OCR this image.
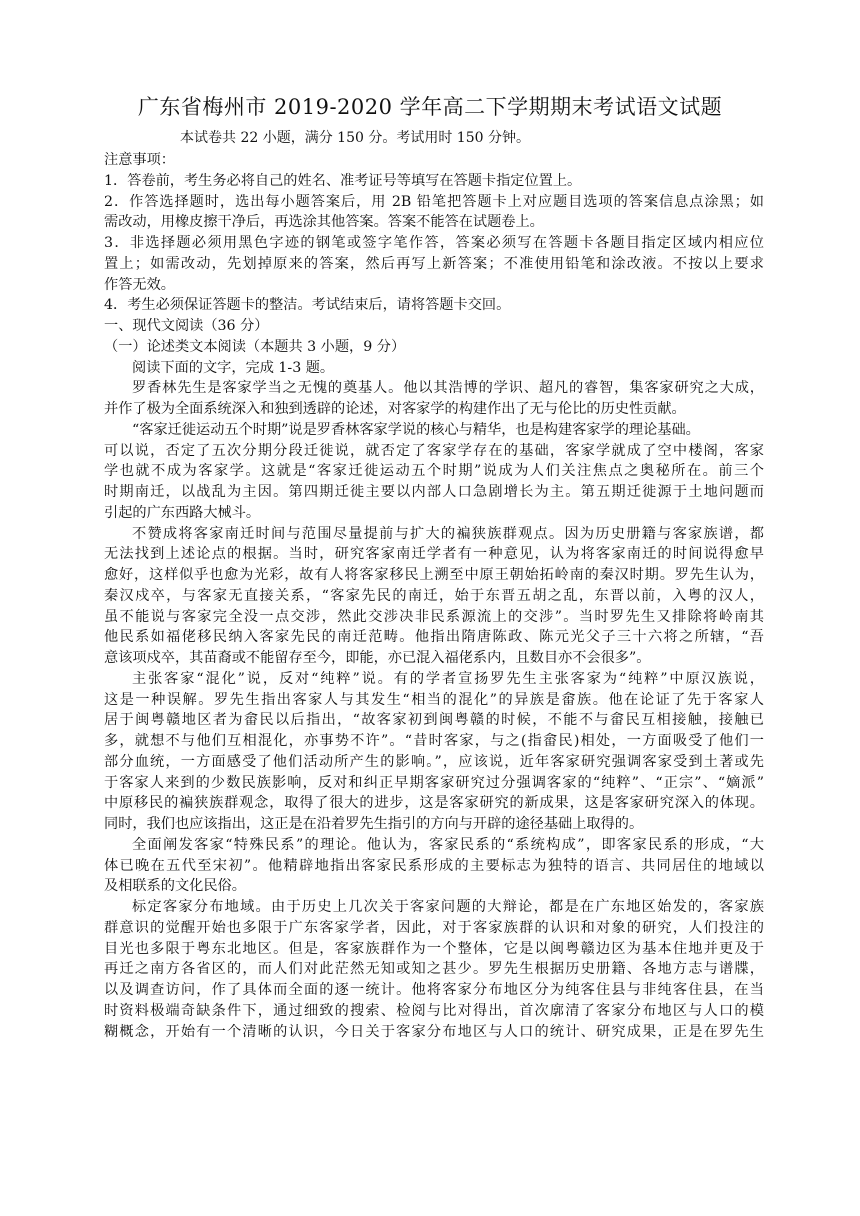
广东省梅州市 2019-2020 学年高二下学期期末考试语文试题
本试卷共 22 小题，满分 150 分。考试用时 150 分钟。
注意事项：
1．答卷前，考生务必将自己的姓名、准考证号等填写在答题卡指定位置上。
2．作答选择题时，选出每小题答案后，用 2B 铅笔把答题卡上对应题目选项的答案信息点涂黑；如
需改动，用橡皮擦干净后，再选涂其他答案。答案不能答在试题卷上。
3．非选择题必须用黑色字迹的钢笔或签字笔作答，答案必须写在答题卡各题目指定区域内相应位
置上；如需改动，先划掉原来的答案，然后再写上新答案；不准使用铅笔和涂改液。不按以上要求
作答无效。
4．考生必须保证答题卡的整洁。考试结束后，请将答题卡交回。
一、现代文阅读（36 分）
（一）论述类文本阅读（本题共 3 小题，9 分）
阅读下面的文字，完成 1-3 题。
罗香林先生是客家学当之无愧的奠基人。他以其浩博的学识、超凡的睿智，集客家研究之大成，
并作了极为全面系统深入和独到透辟的论述，对客家学的构建作出了无与伦比的历史性贡献。
“客家迁徙运动五个时期”说是罗香林客家学说的核心与精华，也是构建客家学的理论基础。
可以说，否定了五次分期分段迁徙说，就否定了客家学存在的基础，客家学就成了空中楼阁，客家
学也就不成为客家学。这就是“客家迁徙运动五个时期”说成为人们关注焦点之奥秘所在。前三个
时期南迁，以战乱为主因。第四期迁徙主要以内部人口急剧增长为主。第五期迁徙源于土地问题而
引起的广东西路大械斗。
不赞成将客家南迁时间与范围尽量提前与扩大的褊狭族群观点。因为历史册籍与客家族谱，都
无法找到上述论点的根据。当时，研究客家南迁学者有一种意见，认为将客家南迁的时间说得愈早
愈好，这样似乎也愈为光彩，故有人将客家移民上溯至中原王朝始拓岭南的秦汉时期。罗先生认为，
秦汉戍卒，与客家无直接关系，“客家先民的南迁，始于东晋五胡之乱，东晋以前，入粤的汉人，
虽不能说与客家完全没一点交涉，然此交涉决非民系源流上的交涉”。当时罗先生又排除将岭南其
他民系如福佬移民纳入客家先民的南迁范畴。他指出隋唐陈政、陈元光父子三十六将之所辖，“吾
意该项戍卒，其苗裔或不能留存至今，即能，亦已混入福佬系内，且数目亦不会很多”。
主张客家“混化”说，反对“纯粹”说。有的学者宣扬罗先生主张客家为“纯粹”中原汉族说，
这是一种误解。罗先生指出客家人与其发生“相当的混化”的异族是畲族。他在论证了先于客家人
居于闽粤赣地区者为畲民以后指出，“故客家初到闽粤赣的时候，不能不与畲民互相接触，接触已
多，就想不与他们互相混化，亦事势不许”。“昔时客家，与之(指畲民)相处，一方面吸受了他们一
部分血统，一方面感受了他们活动所产生的影响。”，应该说，近年客家研究强调客家受到土著或先
于客家人来到的少数民族影响，反对和纠正早期客家研究过分强调客家的“纯粹”、“正宗”、“嫡派”
中原移民的褊狭族群观念，取得了很大的进步，这是客家研究的新成果，这是客家研究深入的体现。
同时，我们也应该指出，这正是在沿着罗先生指引的方向与开辟的途径基础上取得的。
全面阐发客家“特殊民系”的理论。他认为，客家民系的“系统构成”，即客家民系的形成，“大
体已晚在五代至宋初”。他精辟地指出客家民系形成的主要标志为独特的语言、共同居住的地域以
及相联系的文化民俗。
标定客家分布地域。由于历史上几次关于客家问题的大辩论，都是在广东地区始发的，客家族
群意识的觉醒开始也多限于广东客家学者，因此，对于客家族群的认识和对象的研究，人们投注的
目光也多限于粤东北地区。但是，客家族群作为一个整体，它是以闽粤赣边区为基本住地并更及于
再迁之南方各省区的，而人们对此茫然无知或知之甚少。罗先生根据历史册籍、各地方志与谱牒，
以及调查访问，作了具体而全面的逐一统计。他将客家分布地区分为纯客住县与非纯客住县，在当
时资料极端奇缺条件下，通过细致的搜索、检阅与比对得出，首次廓清了客家分布地区与人口的模
糊概念，开始有一个清晰的认识，今日关于客家分布地区与人口的统计、研究成果，正是在罗先生
